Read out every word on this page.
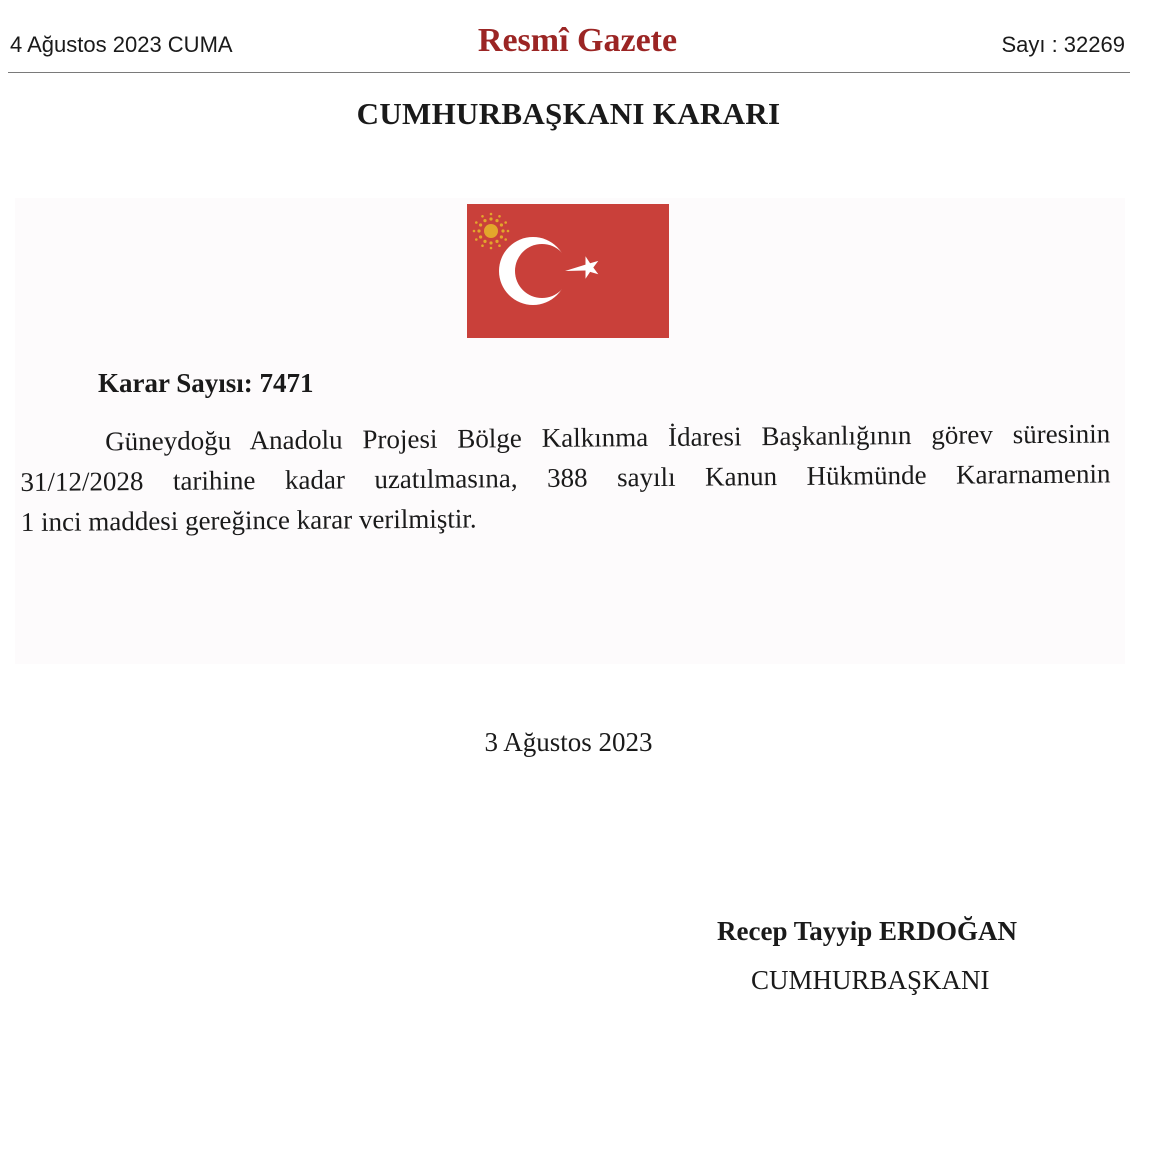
4 Ağustos 2023 CUMA	Resmî Gazete	Sayı : 32269
CUMHURBAŞKANI KARARI
Karar Sayısı: 7471
Güneydoğu Anadolu Projesi Bölge Kalkınma İdaresi Başkanlığının görev süresinin
31/12/2028 tarihine kadar uzatılmasına, 388 sayılı Kanun Hükmünde Kararnamenin
1 inci maddesi gereğince karar verilmiştir.
3 Ağustos 2023
Recep Tayyip ERDOĞAN
CUMHURBAŞKANI
